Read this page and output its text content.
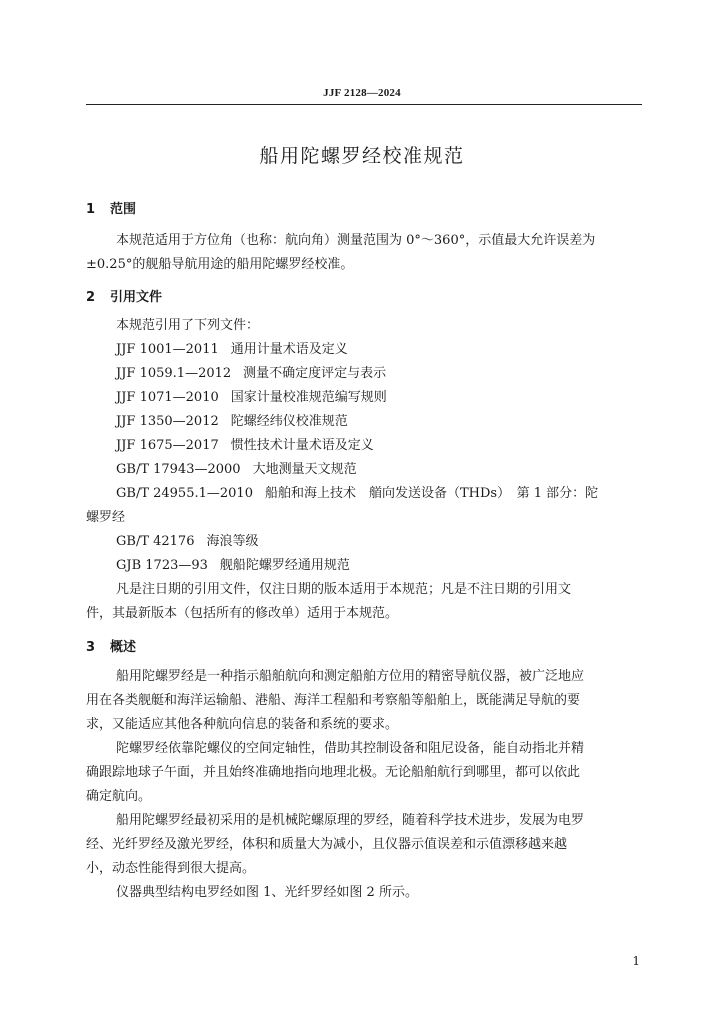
JJF 2128—2024
船用陀螺罗经校准规范
1 范围
本规范适用于方位角（也称：航向角）测量范围为 0°～360°，示值最大允许误差为
±0.25°的舰船导航用途的船用陀螺罗经校准。
2 引用文件
本规范引用了下列文件：
JJF 1001—2011 通用计量术语及定义
JJF 1059.1—2012 测量不确定度评定与表示
JJF 1071—2010 国家计量校准规范编写规则
JJF 1350—2012 陀螺经纬仪校准规范
JJF 1675—2017 惯性技术计量术语及定义
GB/T 17943—2000 大地测量天文规范
GB/T 24955.1—2010 船舶和海上技术　艏向发送设备（THDs）　第 1 部分：陀
螺罗经
GB/T 42176 海浪等级
GJB 1723—93 舰船陀螺罗经通用规范
凡是注日期的引用文件，仅注日期的版本适用于本规范；凡是不注日期的引用文
件，其最新版本（包括所有的修改单）适用于本规范。
3 概述
船用陀螺罗经是一种指示船舶航向和测定船舶方位用的精密导航仪器，被广泛地应
用在各类舰艇和海洋运输船、港船、海洋工程船和考察船等船舶上，既能满足导航的要
求，又能适应其他各种航向信息的装备和系统的要求。
陀螺罗经依靠陀螺仪的空间定轴性，借助其控制设备和阻尼设备，能自动指北并精
确跟踪地球子午面，并且始终准确地指向地理北极。无论船舶航行到哪里，都可以依此
确定航向。
船用陀螺罗经最初采用的是机械陀螺原理的罗经，随着科学技术进步，发展为电罗
经、光纤罗经及激光罗经，体积和质量大为减小，且仪器示值误差和示值漂移越来越
小，动态性能得到很大提高。
仪器典型结构电罗经如图 1、光纤罗经如图 2 所示。
1
